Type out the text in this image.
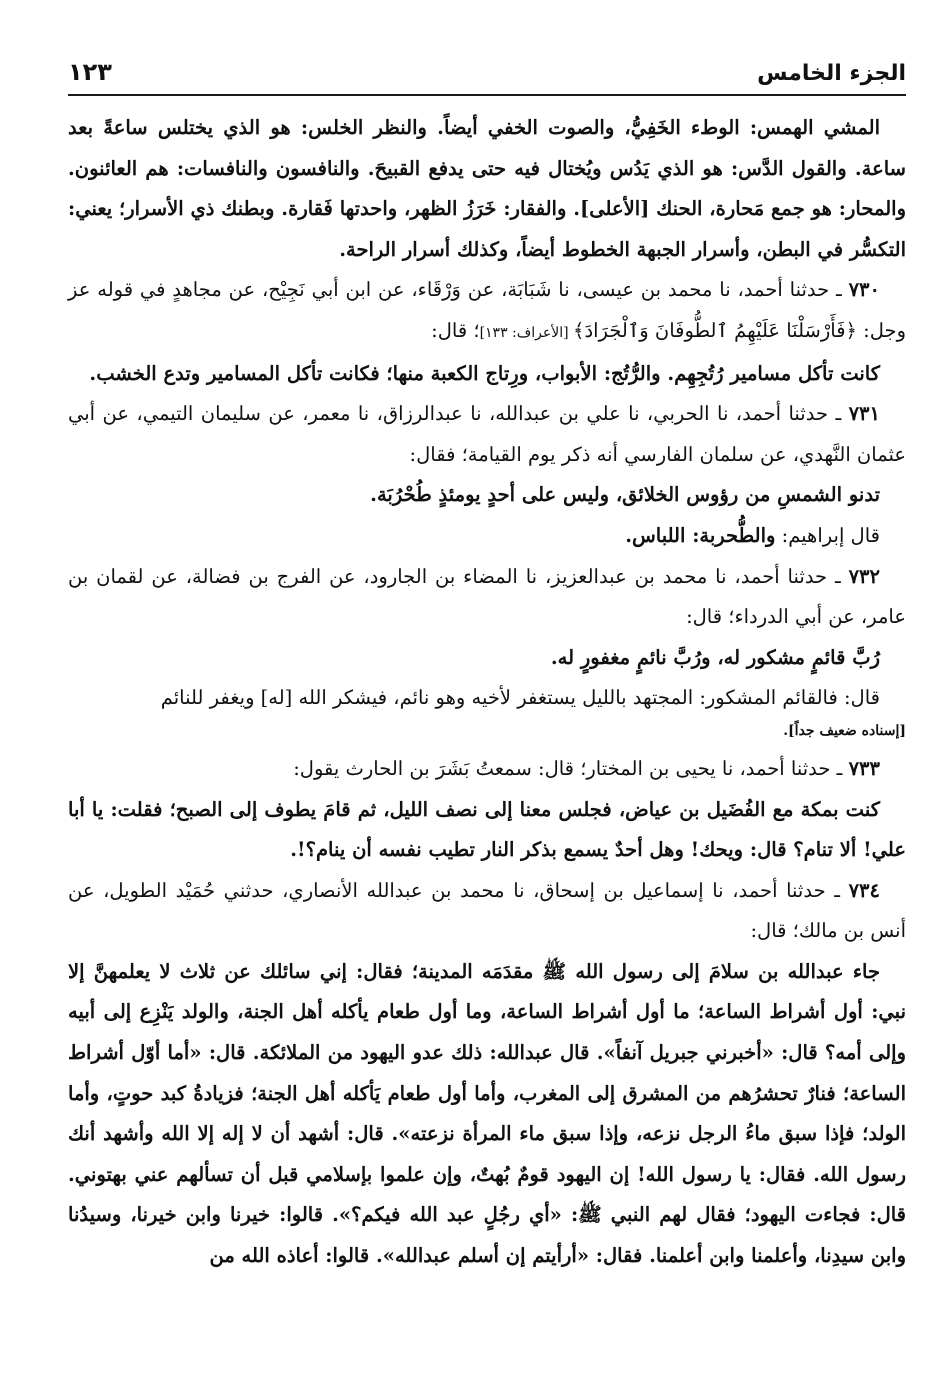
الجزء الخامس
١٢٣

المشي الهمس: الوطء الخَفِيُّ، والصوت الخفي أيضاً. والنظر الخلس: هو الذي يختلس ساعةً بعد ساعة. والقول الدَّس: هو الذي يَدُس ويُختال فيه حتى يدفع القبيحَ. والنافسون والنافسات: هم العائنون. والمحار: هو جمع مَحارة، الحنك [الأعلى]. والفقار: خَرَزُ الظهر، واحدتها فَقارة. وبطنك ذي الأسرار؛ يعني: التكسُّر في البطن، وأسرار الجبهة الخطوط أيضاً، وكذلك أسرار الراحة.

٧٣٠ ـ حدثنا أحمد، نا محمد بن عيسى، نا شَبَابَة، عن وَرْقَاء، عن ابن أبي نَجِيْح، عن مجاهدٍ في قوله عز وجل: ﴿فَأَرْسَلْنَا عَلَيْهِمُ ٱلطُّوفَانَ وَٱلْجَرَادَ﴾ [الأعراف: ١٣٣]؛ قال:

كانت تأكل مسامير رُتُجِهِم. والرُّتُج: الأبواب، ورِتاج الكعبة منها؛ فكانت تأكل المسامير وتدع الخشب.

٧٣١ ـ حدثنا أحمد، نا الحربي، نا علي بن عبدالله، نا عبدالرزاق، نا معمر، عن سليمان التيمي، عن أبي عثمان النَّهدي، عن سلمان الفارسي أنه ذكر يوم القيامة؛ فقال:

تدنو الشمسِ من رؤوس الخلائق، وليس على أحدٍ يومئذٍ طُحْرُبَة.

قال إبراهيم: والطُّحربة: اللباس.

٧٣٢ ـ حدثنا أحمد، نا محمد بن عبدالعزيز، نا المضاء بن الجارود، عن الفرج بن فضالة، عن لقمان بن عامر، عن أبي الدرداء؛ قال:

رُبَّ قائمٍ مشكور له، ورُبَّ نائمٍ مغفورٍ له.

قال: فالقائم المشكور: المجتهد بالليل يستغفر لأخيه وهو نائم، فيشكر الله [له] ويغفر للنائم

[إسناده ضعيف جداً].

٧٣٣ ـ حدثنا أحمد، نا يحيى بن المختار؛ قال: سمعتُ بَشَرَ بن الحارث يقول:

كنت بمكة مع الفُضَيل بن عياض، فجلس معنا إلى نصف الليل، ثم قامَ يطوف إلى الصبح؛ فقلت: يا أبا علي! ألا تنام؟ قال: ويحك! وهل أحدٌ يسمع بذكر النار تطيب نفسه أن ينام؟!.

٧٣٤ ـ حدثنا أحمد، نا إسماعيل بن إسحاق، نا محمد بن عبدالله الأنصاري، حدثني حُمَيْد الطويل، عن أنس بن مالك؛ قال:

جاء عبدالله بن سلامَ إلى رسول الله ﷺ مقدَمَه المدينة؛ فقال: إني سائلك عن ثلاث لا يعلمهنَّ إلا نبي: أول أشراط الساعة؛ ما أول أشراط الساعة، وما أول طعام يأكله أهل الجنة، والولد يَنْزِع إلى أبيه وإلى أمه؟ قال: «أخبرني جبريل آنفاً». قال عبدالله: ذلك عدو اليهود من الملائكة. قال: «أما أوّل أشراط الساعة؛ فنارٌ تحشرُهم من المشرق إلى المغرب، وأما أول طعام يَأكله أهل الجنة؛ فزيادةُ كبد حوتٍ، وأما الولد؛ فإذا سبق ماءُ الرجل نزعه، وإذا سبق ماء المرأة نزعته». قال: أشهد أن لا إله إلا الله وأشهد أنك رسول الله. فقال: يا رسول الله! إن اليهود قومٌ بُهتٌ، وإن علموا بإسلامي قبل أن تسألهم عني بهتوني. قال: فجاءت اليهود؛ فقال لهم النبي ﷺ: «أي رجُلٍ عبد الله فيكم؟». قالوا: خيرنا وابن خيرنا، وسيدُنا وابن سيدِنا، وأعلمنا وابن أعلمنا. فقال: «أرأيتم إن أسلم عبدالله». قالوا: أعاذه الله من
